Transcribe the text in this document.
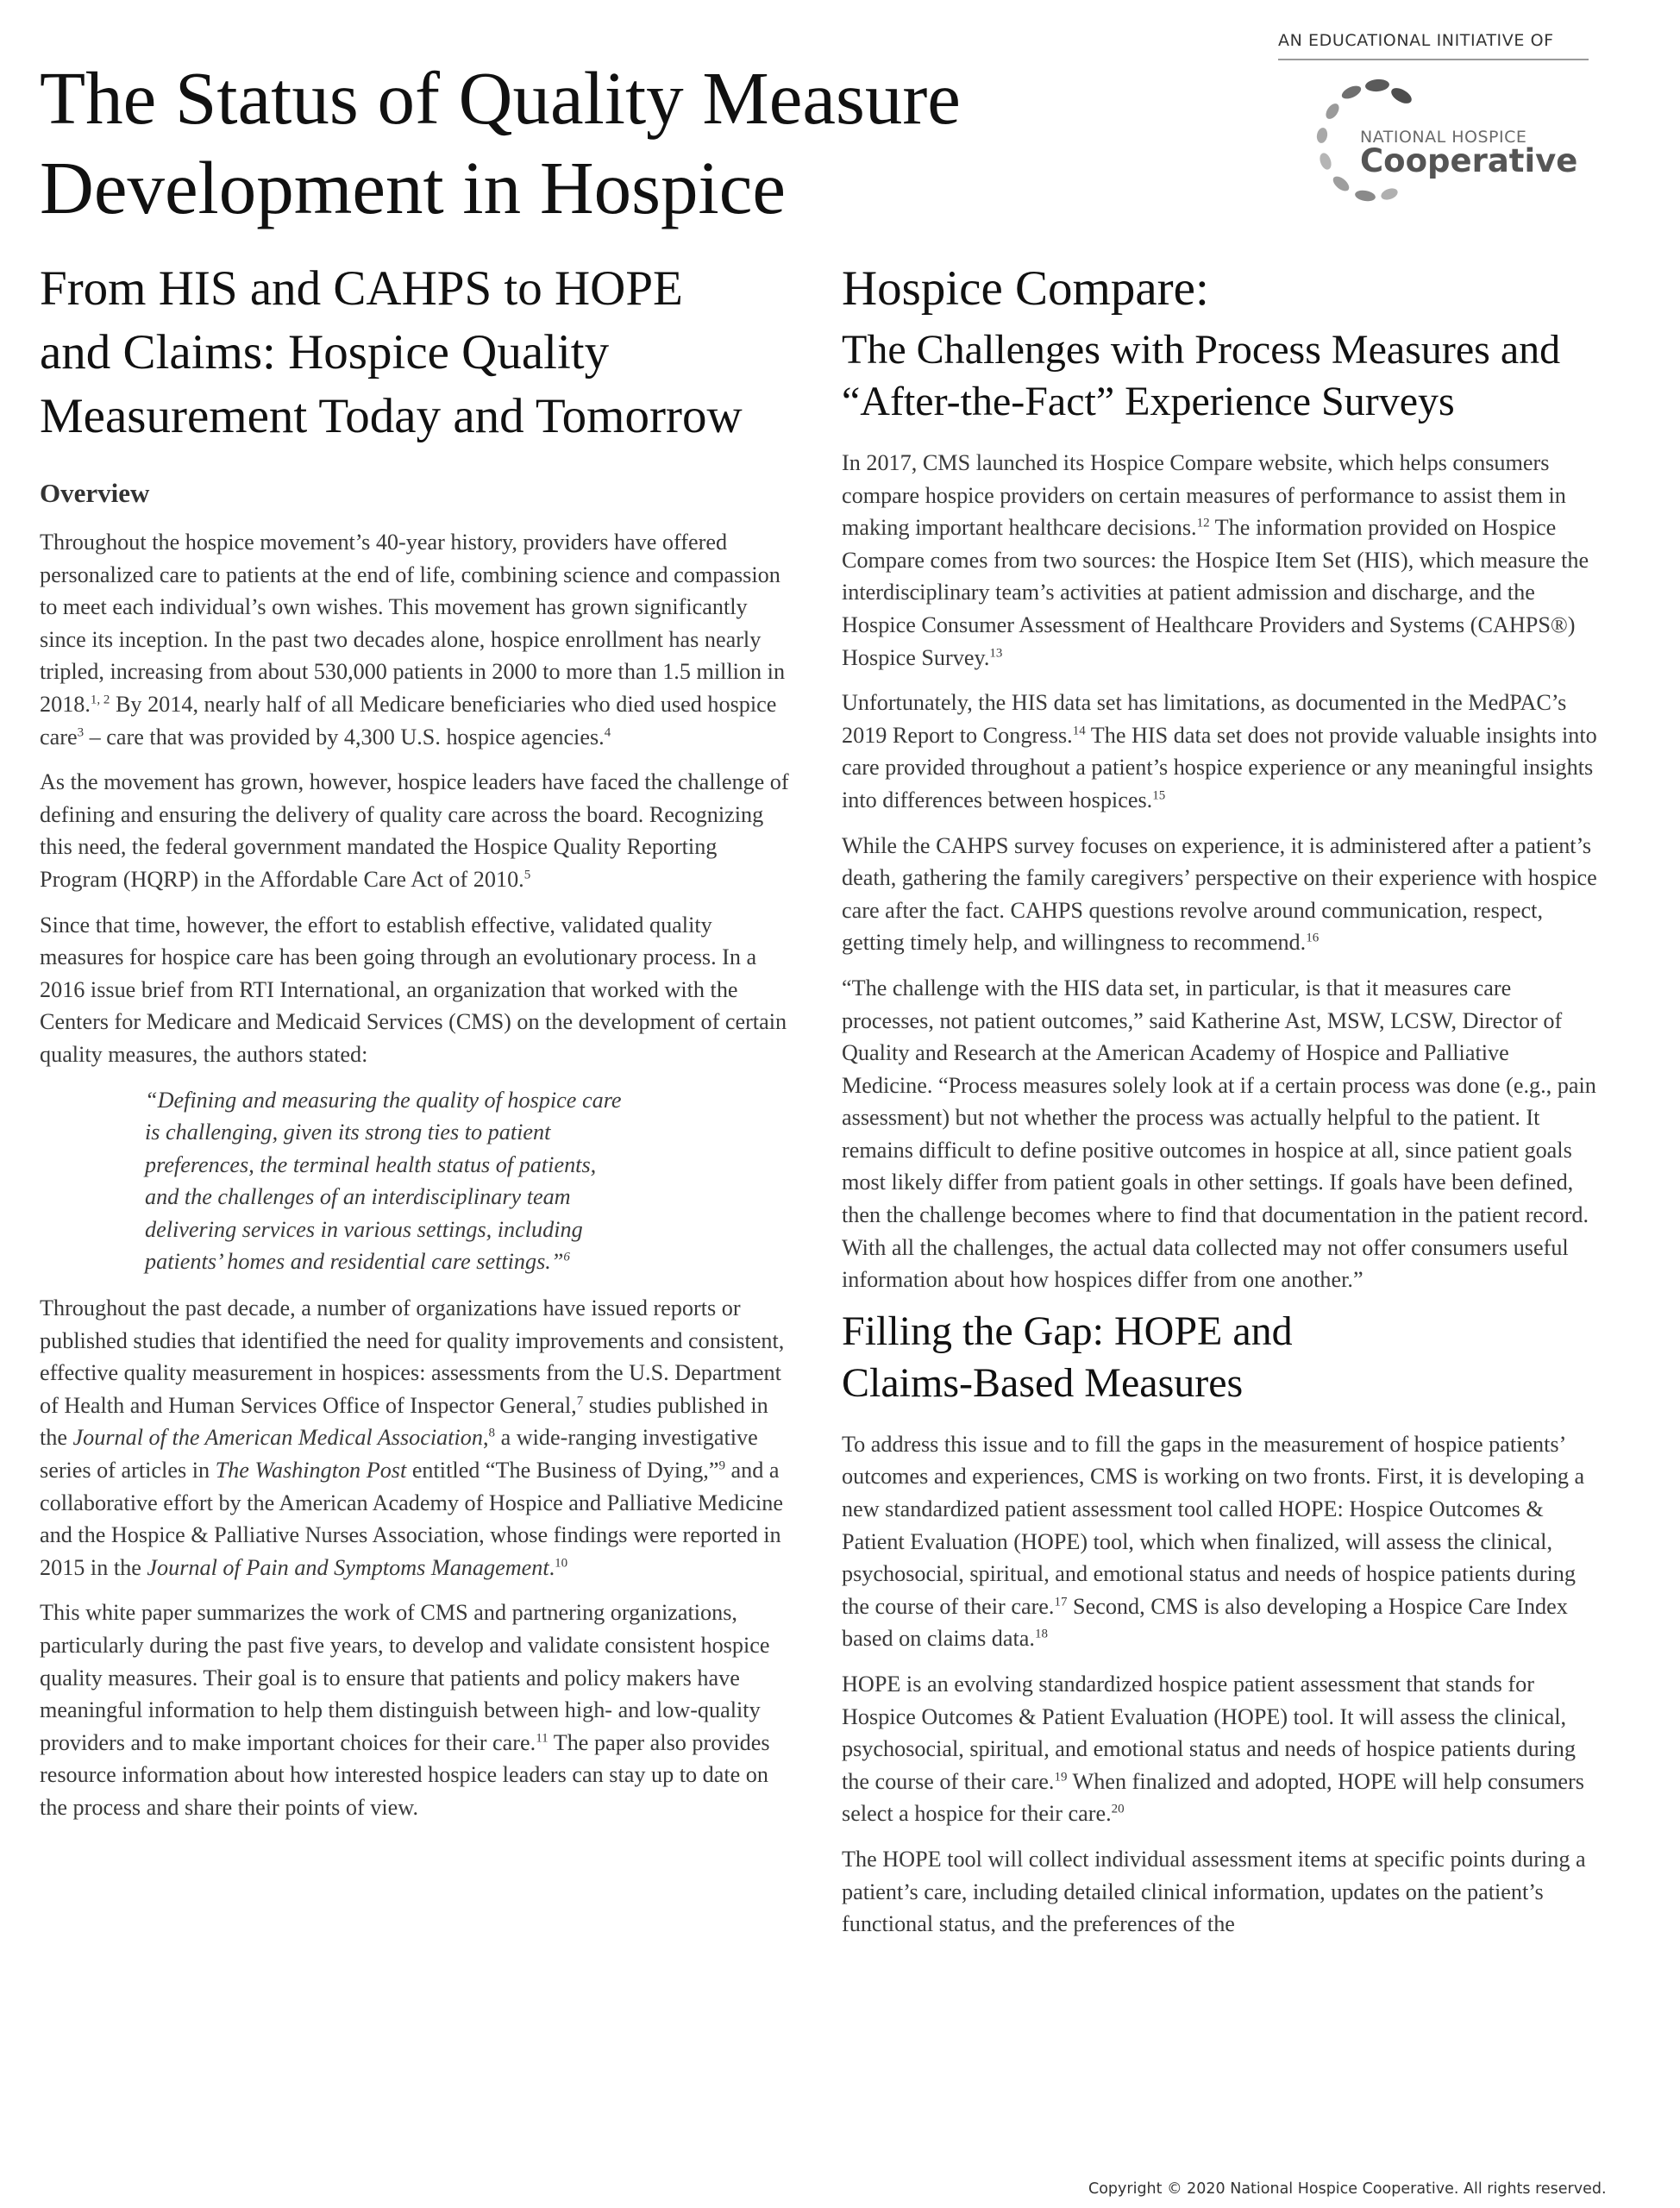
The Status of Quality Measure
Development in Hospice
AN EDUCATIONAL INITIATIVE OF
NATIONAL HOSPICE
Cooperative
From HIS and CAHPS to HOPE
and Claims: Hospice Quality
Measurement Today and Tomorrow
Overview

Throughout the hospice movement’s 40-year history, providers have offered personalized care to patients at the end of life, combining science and compassion to meet each individual’s own wishes. This movement has grown significantly since its inception. In the past two decades alone, hospice enrollment has nearly tripled, increasing from about 530,000 patients in 2000 to more than 1.5 million in 2018.$^{1, 2}$ By 2014, nearly half of all Medicare beneficiaries who died used hospice care$^3$ – care that was provided by 4,300 U.S. hospice agencies.$^4$

As the movement has grown, however, hospice leaders have faced the challenge of defining and ensuring the delivery of quality care across the board. Recognizing this need, the federal government mandated the Hospice Quality Reporting Program (HQRP) in the Affordable Care Act of 2010.$^5$

Since that time, however, the effort to establish effective, validated quality measures for hospice care has been going through an evolutionary process. In a 2016 issue brief from RTI International, an organization that worked with the Centers for Medicare and Medicaid Services (CMS) on the development of certain quality measures, the authors stated:

“Defining and measuring the quality of hospice care is challenging, given its strong ties to patient preferences, the terminal health status of patients, and the challenges of an interdisciplinary team delivering services in various settings, including patients’ homes and residential care settings.”$^6$

Throughout the past decade, a number of organizations have issued reports or published studies that identified the need for quality improvements and consistent, effective quality measurement in hospices: assessments from the U.S. Department of Health and Human Services Office of Inspector General,$^7$ studies published in the Journal of the American Medical Association,$^8$ a wide-ranging investigative series of articles in The Washington Post entitled “The Business of Dying,”$^9$ and a collaborative effort by the American Academy of Hospice and Palliative Medicine and the Hospice & Palliative Nurses Association, whose findings were reported in 2015 in the Journal of Pain and Symptoms Management.$^{10}$

This white paper summarizes the work of CMS and partnering organizations, particularly during the past five years, to develop and validate consistent hospice quality measures. Their goal is to ensure that patients and policy makers have meaningful information to help them distinguish between high- and low-quality providers and to make important choices for their care.$^{11}$ The paper also provides resource information about how interested hospice leaders can stay up to date on the process and share their points of view.

Hospice Compare:
The Challenges with Process Measures and
“After-the-Fact” Experience Surveys

In 2017, CMS launched its Hospice Compare website, which helps consumers compare hospice providers on certain measures of performance to assist them in making important healthcare decisions.$^{12}$ The information provided on Hospice Compare comes from two sources: the Hospice Item Set (HIS), which measure the interdisciplinary team’s activities at patient admission and discharge, and the Hospice Consumer Assessment of Healthcare Providers and Systems (CAHPS®) Hospice Survey.$^{13}$

Unfortunately, the HIS data set has limitations, as documented in the MedPAC’s 2019 Report to Congress.$^{14}$ The HIS data set does not provide valuable insights into care provided throughout a patient’s hospice experience or any meaningful insights into differences between hospices.$^{15}$

While the CAHPS survey focuses on experience, it is administered after a patient’s death, gathering the family caregivers’ perspective on their experience with hospice care after the fact. CAHPS questions revolve around communication, respect, getting timely help, and willingness to recommend.$^{16}$

“The challenge with the HIS data set, in particular, is that it measures care processes, not patient outcomes,” said Katherine Ast, MSW, LCSW, Director of Quality and Research at the American Academy of Hospice and Palliative Medicine. “Process measures solely look at if a certain process was done (e.g., pain assessment) but not whether the process was actually helpful to the patient. It remains difficult to define positive outcomes in hospice at all, since patient goals most likely differ from patient goals in other settings. If goals have been defined, then the challenge becomes where to find that documentation in the patient record. With all the challenges, the actual data collected may not offer consumers useful information about how hospices differ from one another.”

Filling the Gap: HOPE and
Claims-Based Measures

To address this issue and to fill the gaps in the measurement of hospice patients’ outcomes and experiences, CMS is working on two fronts. First, it is developing a new standardized patient assessment tool called HOPE: Hospice Outcomes & Patient Evaluation (HOPE) tool, which when finalized, will assess the clinical, psychosocial, spiritual, and emotional status and needs of hospice patients during the course of their care.$^{17}$ Second, CMS is also developing a Hospice Care Index based on claims data.$^{18}$

HOPE is an evolving standardized hospice patient assessment that stands for Hospice Outcomes & Patient Evaluation (HOPE) tool. It will assess the clinical, psychosocial, spiritual, and emotional status and needs of hospice patients during the course of their care.$^{19}$ When finalized and adopted, HOPE will help consumers select a hospice for their care.$^{20}$

The HOPE tool will collect individual assessment items at specific points during a patient’s care, including detailed clinical information, updates on the patient’s functional status, and the preferences of the

Copyright © 2020 National Hospice Cooperative. All rights reserved.
